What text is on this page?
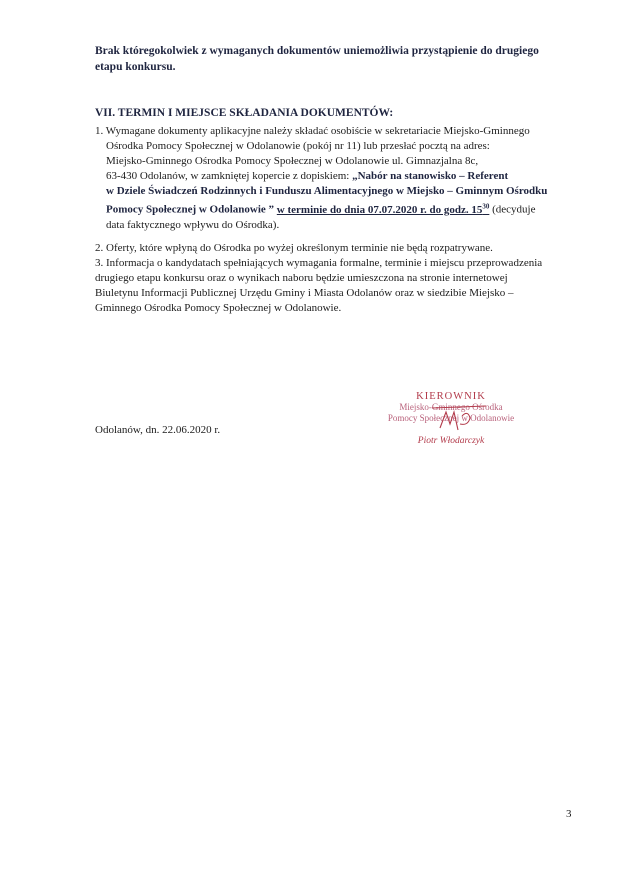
Brak któregokolwiek z wymaganych dokumentów uniemożliwia przystąpienie do drugiego
etapu konkursu.
VII. TERMIN I MIEJSCE SKŁADANIA DOKUMENTÓW:

1. Wymagane dokumenty aplikacyjne należy składać osobiście w sekretariacie Miejsko-Gminnego

Ośrodka Pomocy Społecznej w Odolanowie (pokój nr 11) lub przesłać pocztą na adres:

Miejsko-Gminnego Ośrodka Pomocy Społecznej w Odolanowie ul. Gimnazjalna 8c,

63-430 Odolanów, w zamkniętej kopercie z dopiskiem: „Nabór na stanowisko – Referent

w Dziele Świadczeń Rodzinnych i Funduszu Alimentacyjnego w Miejsko – Gminnym Ośrodku

Pomocy Społecznej w Odolanowie ” w terminie do dnia 07.07.2020 r. do godz. $15^{30}$ (decyduje

data faktycznego wpływu do Ośrodka).

2. Oferty, które wpłyną do Ośrodka po wyżej określonym terminie nie będą rozpatrywane.

3. Informacja o kandydatach spełniających wymagania formalne, terminie i miejscu przeprowadzenia

drugiego etapu konkursu oraz o wynikach naboru będzie umieszczona na stronie internetowej

Biuletynu Informacji Publicznej Urzędu Gminy i Miasta Odolanów oraz w siedzibie Miejsko –

Gminnego Ośrodka Pomocy Społecznej w Odolanowie.

Odolanów, dn. 22.06.2020 r.
KIEROWNIK
Miejsko-Gminnego Ośrodka
Pomocy Społecznej w Odolanowie
Piotr Włodarczyk
3
